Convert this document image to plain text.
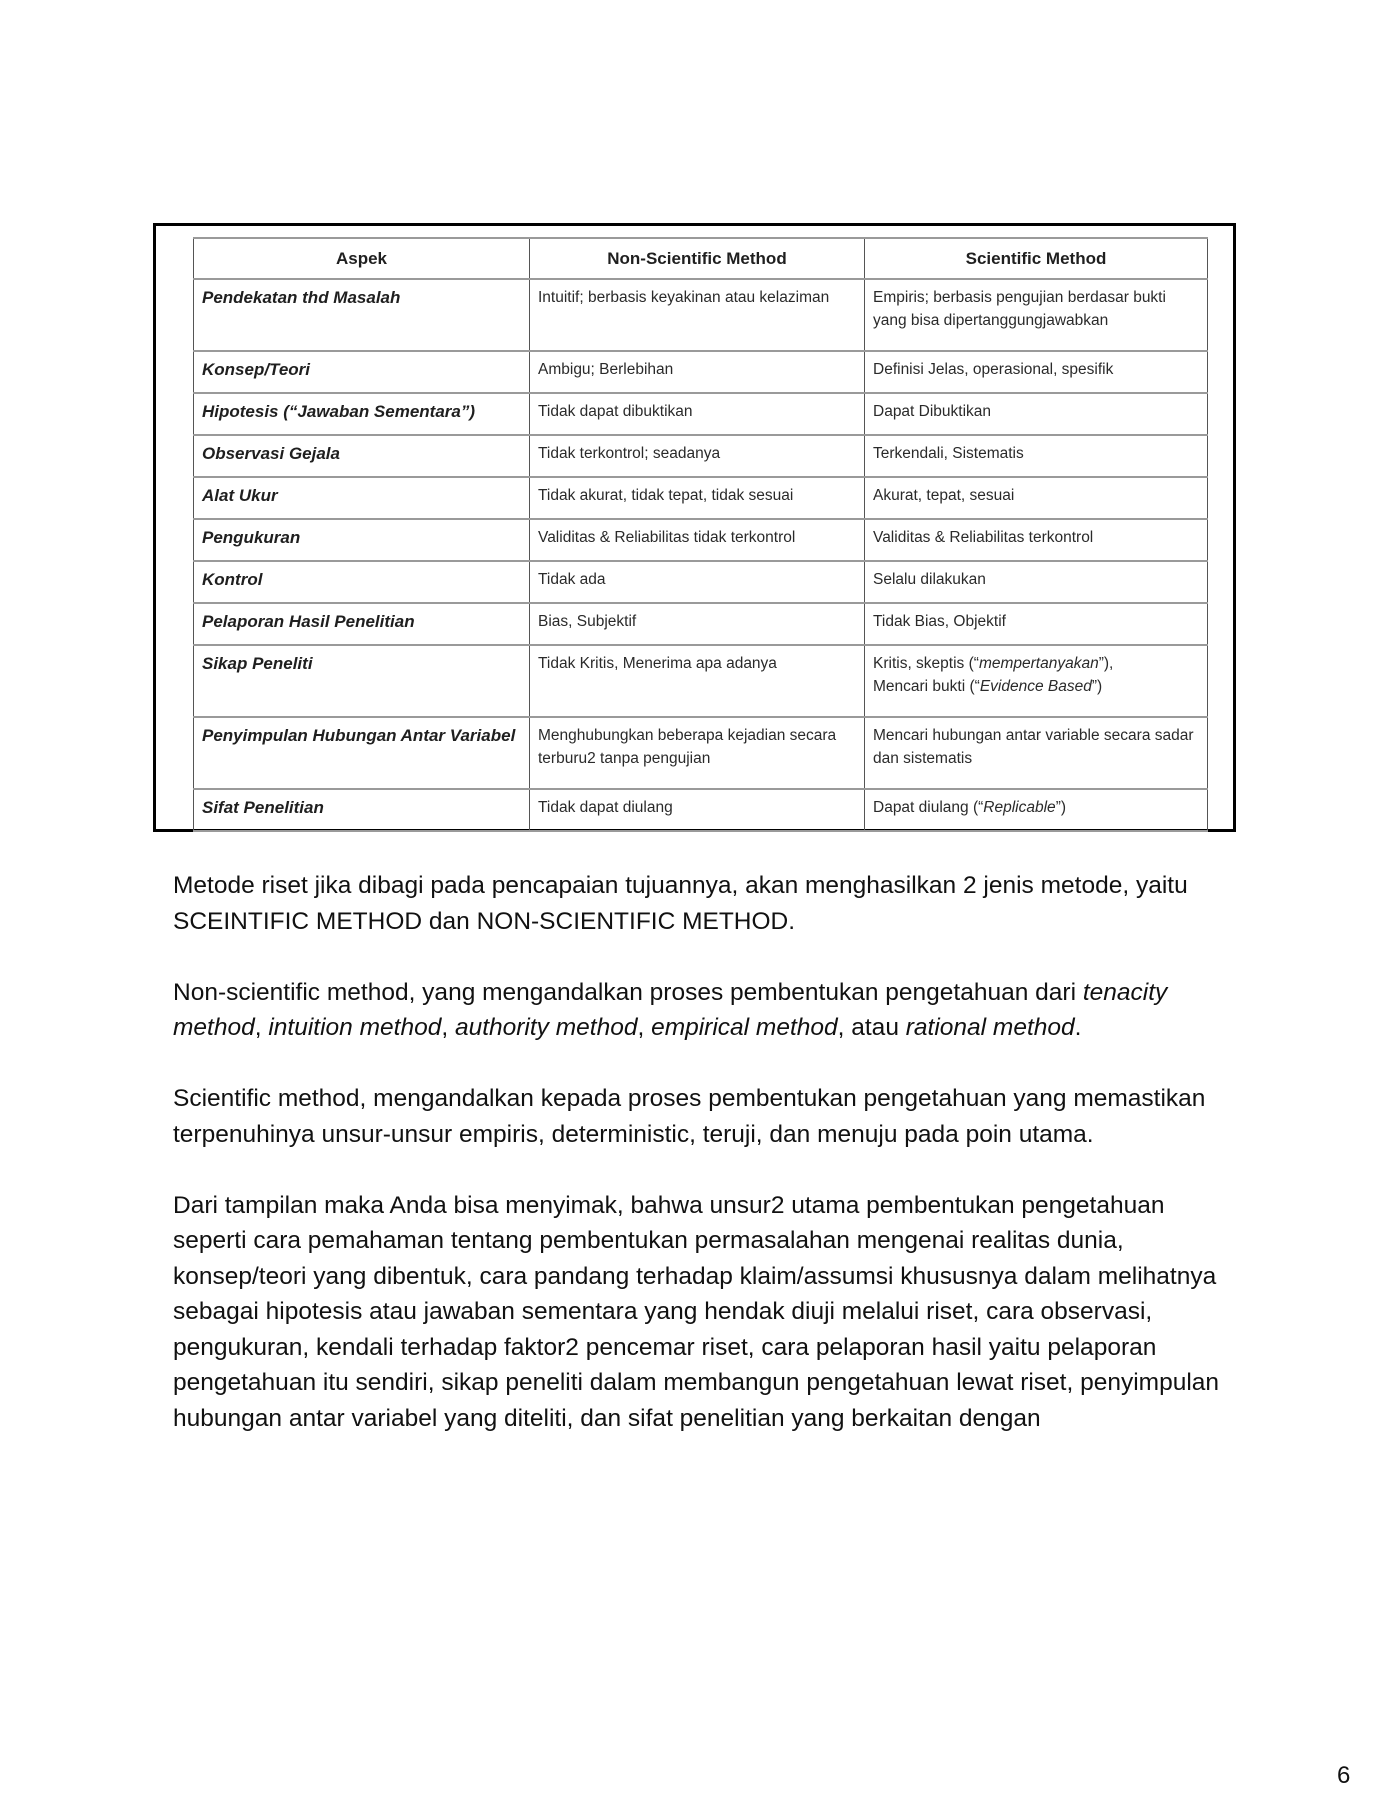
Aspek	Non-Scientific Method	Scientific Method
Pendekatan thd Masalah	Intuitif; berbasis keyakinan atau kelaziman	Empiris; berbasis pengujian berdasar bukti yang bisa dipertanggungjawabkan
Konsep/Teori	Ambigu; Berlebihan	Definisi Jelas, operasional, spesifik
Hipotesis (“Jawaban Sementara”)	Tidak dapat dibuktikan	Dapat Dibuktikan
Observasi Gejala	Tidak terkontrol; seadanya	Terkendali, Sistematis
Alat Ukur	Tidak akurat, tidak tepat, tidak sesuai	Akurat, tepat, sesuai
Pengukuran	Validitas & Reliabilitas tidak terkontrol	Validitas & Reliabilitas terkontrol
Kontrol	Tidak ada	Selalu dilakukan
Pelaporan Hasil Penelitian	Bias, Subjektif	Tidak Bias, Objektif
Sikap Peneliti	Tidak Kritis, Menerima apa adanya	Kritis, skeptis (“mempertanyakan”),
Mencari bukti (“Evidence Based”)
Penyimpulan Hubungan Antar Variabel	Menghubungkan beberapa kejadian secara terburu2 tanpa pengujian	Mencari hubungan antar variable secara sadar dan sistematis
Sifat Penelitian	Tidak dapat diulang	Dapat diulang (“Replicable”)

Metode riset jika dibagi pada pencapaian tujuannya, akan menghasilkan 2 jenis metode, yaitu SCEINTIFIC METHOD dan NON-SCIENTIFIC METHOD.

Non-scientific method, yang mengandalkan proses pembentukan pengetahuan dari tenacity method, intuition method, authority method, empirical method, atau rational method.

Scientific method, mengandalkan kepada proses pembentukan pengetahuan yang memastikan terpenuhinya unsur-unsur empiris, deterministic, teruji, dan menuju pada poin utama.

Dari tampilan maka Anda bisa menyimak, bahwa unsur2 utama pembentukan pengetahuan seperti cara pemahaman tentang pembentukan permasalahan mengenai realitas dunia, konsep/teori yang dibentuk, cara pandang terhadap klaim/assumsi khususnya dalam melihatnya sebagai hipotesis atau jawaban sementara yang hendak diuji melalui riset, cara observasi, pengukuran, kendali terhadap faktor2 pencemar riset, cara pelaporan hasil yaitu pelaporan pengetahuan itu sendiri, sikap peneliti dalam membangun pengetahuan lewat riset, penyimpulan hubungan antar variabel yang diteliti, dan sifat penelitian yang berkaitan dengan

6
